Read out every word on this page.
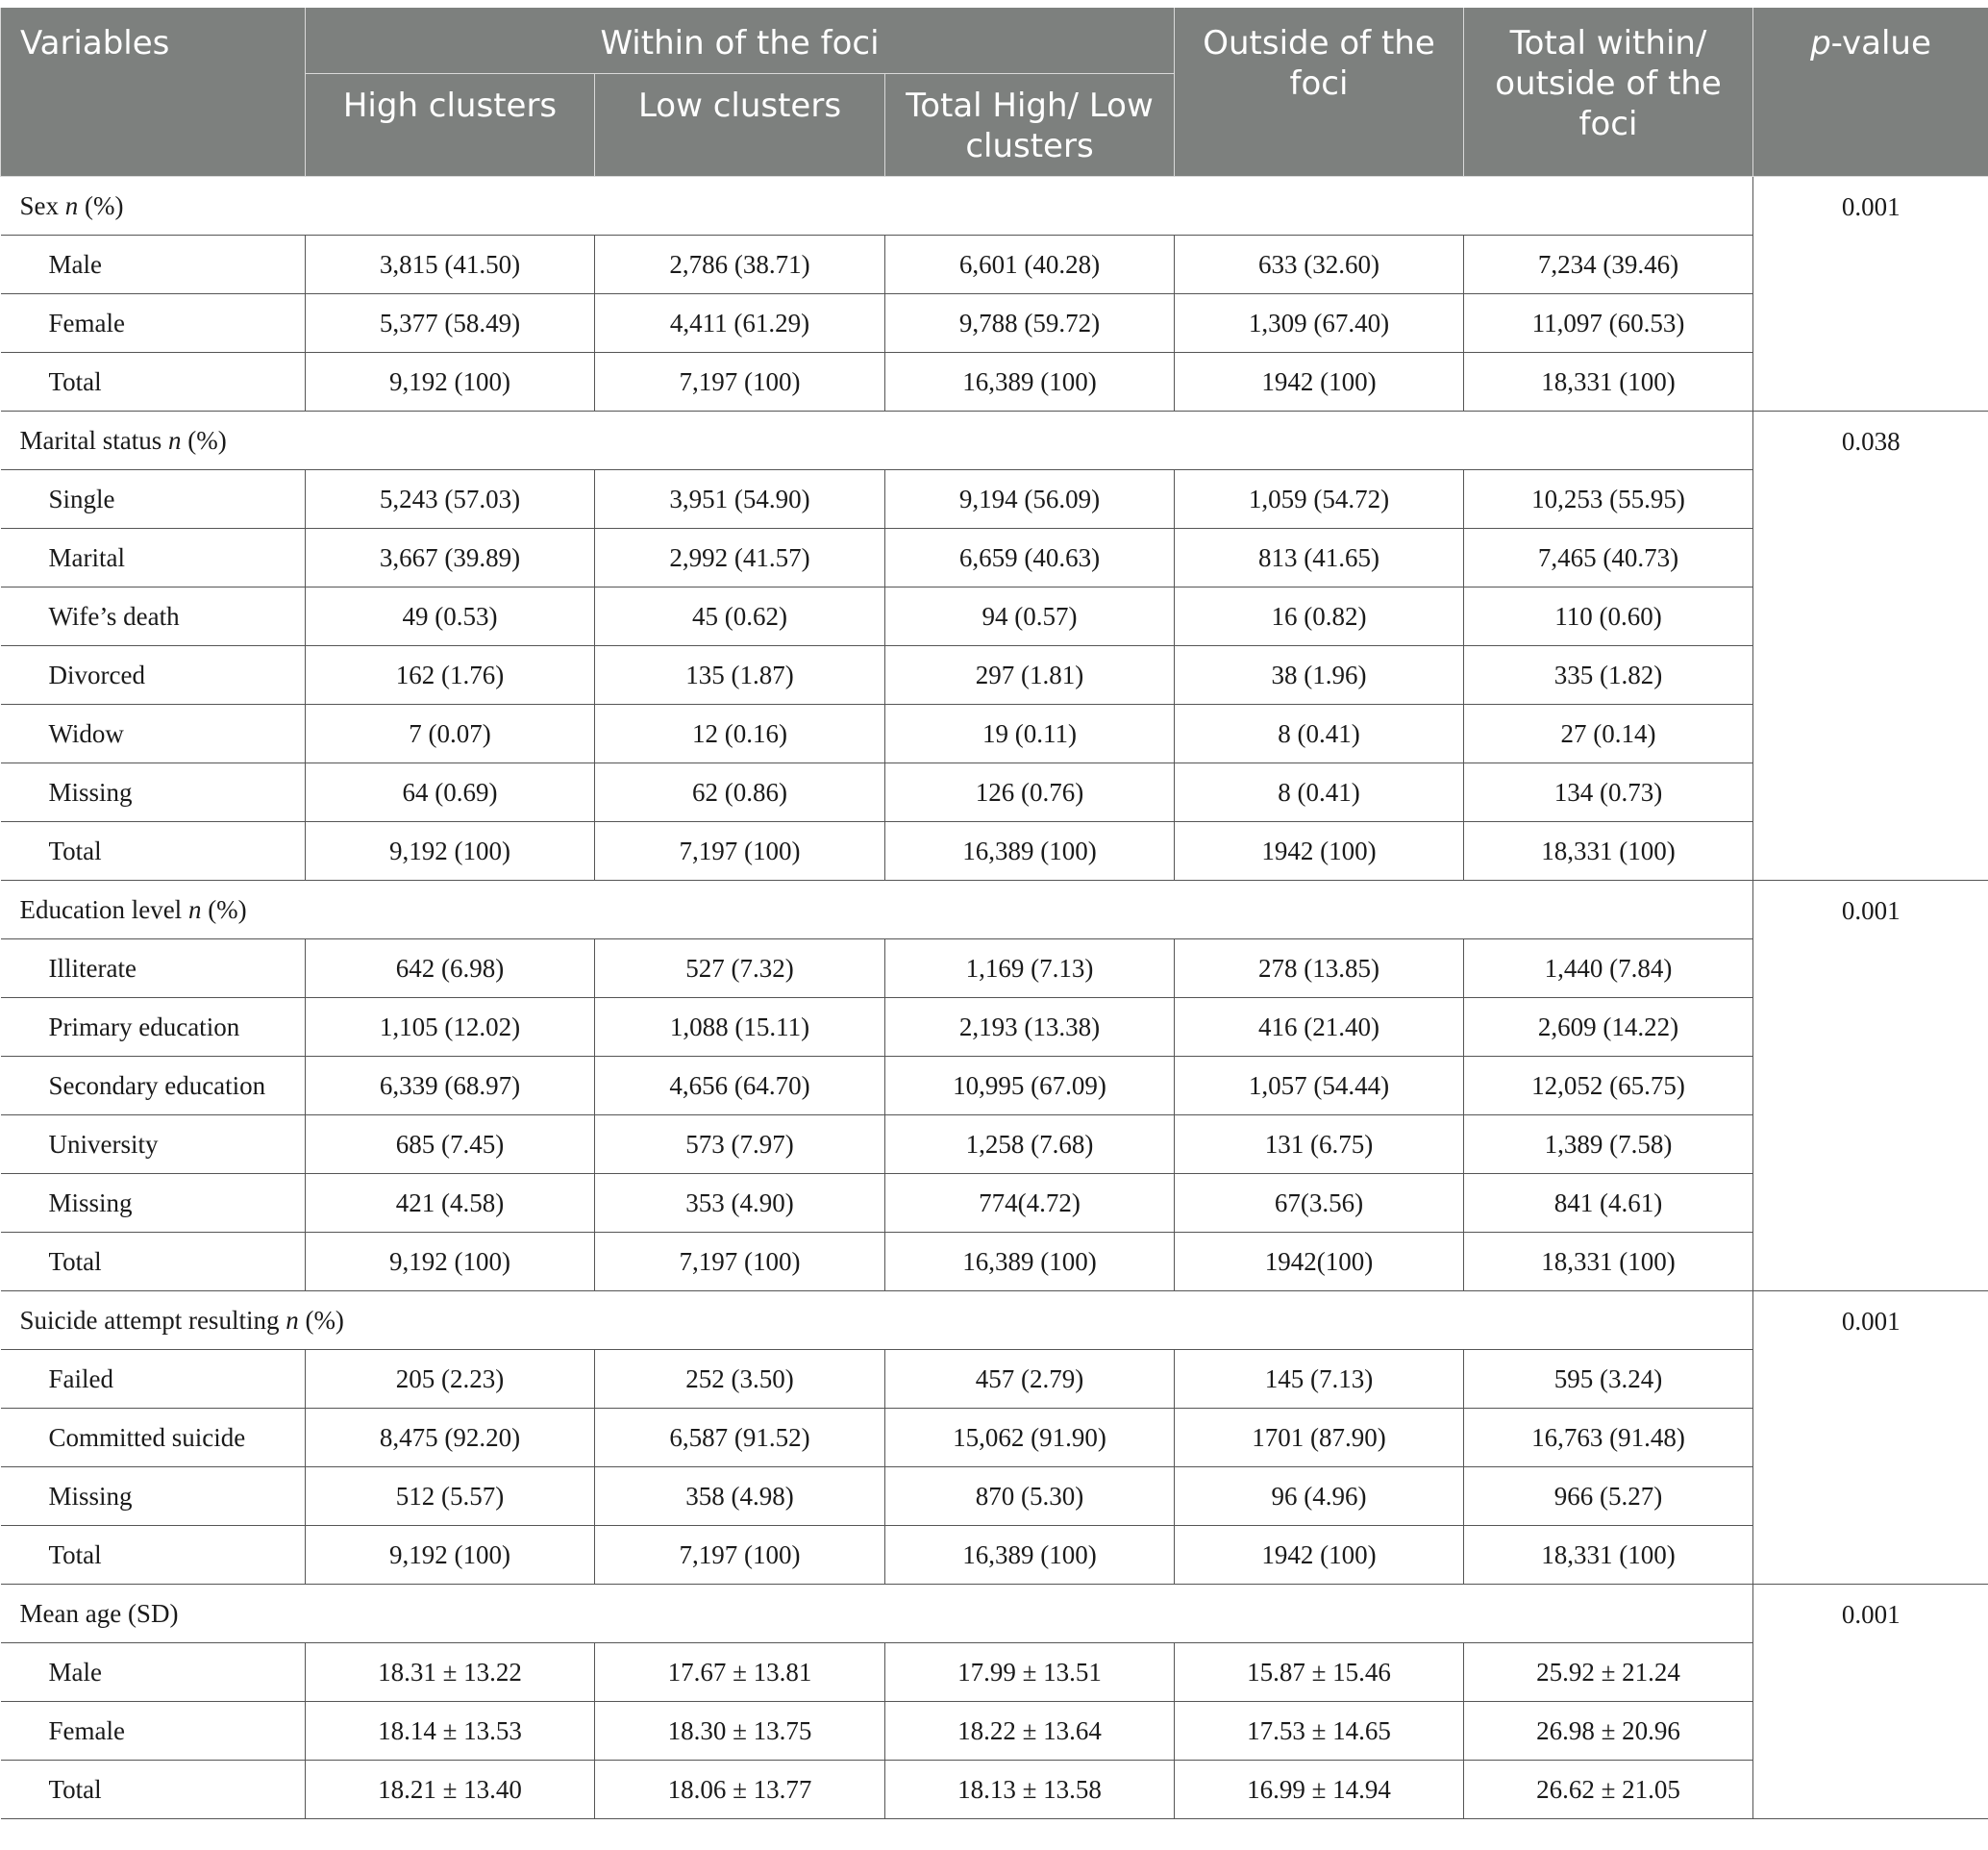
Variables	Within of the foci			Outside of the foci	Total within/ outside of the foci	p-value
	High clusters	Low clusters	Total High/ Low clusters			
Sex n (%)						0.001
Male	3,815 (41.50)	2,786 (38.71)	6,601 (40.28)	633 (32.60)	7,234 (39.46)	
Female	5,377 (58.49)	4,411 (61.29)	9,788 (59.72)	1,309 (67.40)	11,097 (60.53)	
Total	9,192 (100)	7,197 (100)	16,389 (100)	1942 (100)	18,331 (100)	
Marital status n (%)						0.038
Single	5,243 (57.03)	3,951 (54.90)	9,194 (56.09)	1,059 (54.72)	10,253 (55.95)	
Marital	3,667 (39.89)	2,992 (41.57)	6,659 (40.63)	813 (41.65)	7,465 (40.73)	
Wife’s death	49 (0.53)	45 (0.62)	94 (0.57)	16 (0.82)	110 (0.60)	
Divorced	162 (1.76)	135 (1.87)	297 (1.81)	38 (1.96)	335 (1.82)	
Widow	7 (0.07)	12 (0.16)	19 (0.11)	8 (0.41)	27 (0.14)	
Missing	64 (0.69)	62 (0.86)	126 (0.76)	8 (0.41)	134 (0.73)	
Total	9,192 (100)	7,197 (100)	16,389 (100)	1942 (100)	18,331 (100)	
Education level n (%)						0.001
Illiterate	642 (6.98)	527 (7.32)	1,169 (7.13)	278 (13.85)	1,440 (7.84)	
Primary education	1,105 (12.02)	1,088 (15.11)	2,193 (13.38)	416 (21.40)	2,609 (14.22)	
Secondary education	6,339 (68.97)	4,656 (64.70)	10,995 (67.09)	1,057 (54.44)	12,052 (65.75)	
University	685 (7.45)	573 (7.97)	1,258 (7.68)	131 (6.75)	1,389 (7.58)	
Missing	421 (4.58)	353 (4.90)	774(4.72)	67(3.56)	841 (4.61)	
Total	9,192 (100)	7,197 (100)	16,389 (100)	1942(100)	18,331 (100)	
Suicide attempt resulting n (%)						0.001
Failed	205 (2.23)	252 (3.50)	457 (2.79)	145 (7.13)	595 (3.24)	
Committed suicide	8,475 (92.20)	6,587 (91.52)	15,062 (91.90)	1701 (87.90)	16,763 (91.48)	
Missing	512 (5.57)	358 (4.98)	870 (5.30)	96 (4.96)	966 (5.27)	
Total	9,192 (100)	7,197 (100)	16,389 (100)	1942 (100)	18,331 (100)	
Mean age (SD)						0.001
Male	18.31 ± 13.22	17.67 ± 13.81	17.99 ± 13.51	15.87 ± 15.46	25.92 ± 21.24	
Female	18.14 ± 13.53	18.30 ± 13.75	18.22 ± 13.64	17.53 ± 14.65	26.98 ± 20.96	
Total	18.21 ± 13.40	18.06 ± 13.77	18.13 ± 13.58	16.99 ± 14.94	26.62 ± 21.05	
